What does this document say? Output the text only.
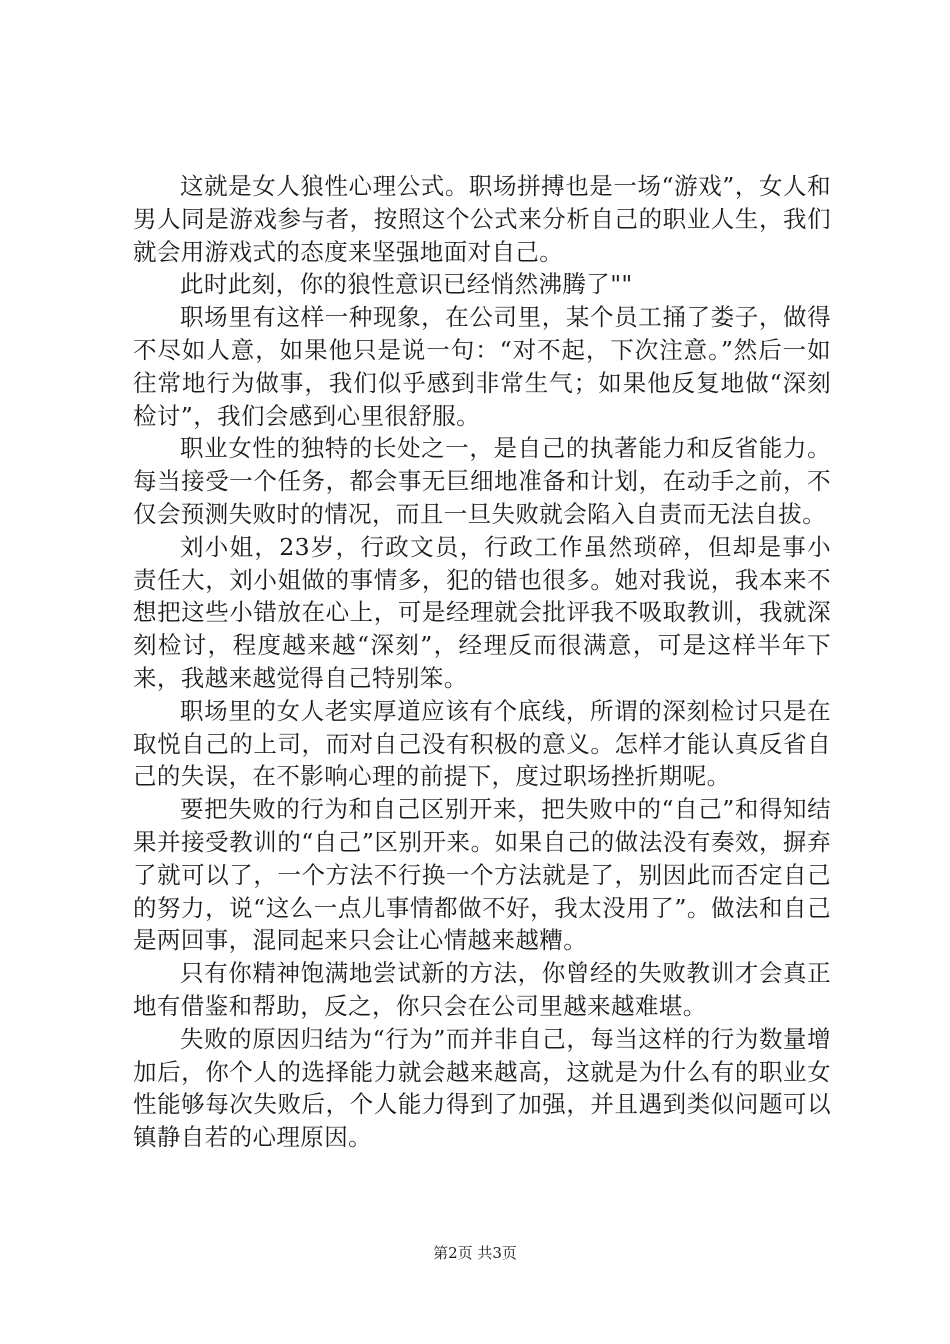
这就是女人狼性心理公式。职场拼搏也是一场“游戏”，女人和男人同是游戏参与者，按照这个公式来分析自己的职业人生，我们就会用游戏式的态度来坚强地面对自己。

此时此刻，你的狼性意识已经悄然沸腾了""

职场里有这样一种现象，在公司里，某个员工捅了娄子，做得不尽如人意，如果他只是说一句：“对不起，下次注意。”然后一如往常地行为做事，我们似乎感到非常生气；如果他反复地做“深刻检讨”，我们会感到心里很舒服。

职业女性的独特的长处之一，是自己的执著能力和反省能力。每当接受一个任务，都会事无巨细地准备和计划，在动手之前，不仅会预测失败时的情况，而且一旦失败就会陷入自责而无法自拔。

刘小姐，23岁，行政文员，行政工作虽然琐碎，但却是事小责任大，刘小姐做的事情多，犯的错也很多。她对我说，我本来不想把这些小错放在心上，可是经理就会批评我不吸取教训，我就深刻检讨，程度越来越“深刻”，经理反而很满意，可是这样半年下来，我越来越觉得自己特别笨。

职场里的女人老实厚道应该有个底线，所谓的深刻检讨只是在取悦自己的上司，而对自己没有积极的意义。怎样才能认真反省自己的失误，在不影响心理的前提下，度过职场挫折期呢。

要把失败的行为和自己区别开来，把失败中的“自己”和得知结果并接受教训的“自己”区别开来。如果自己的做法没有奏效，摒弃了就可以了，一个方法不行换一个方法就是了，别因此而否定自己的努力，说“这么一点儿事情都做不好，我太没用了”。做法和自己是两回事，混同起来只会让心情越来越糟。

只有你精神饱满地尝试新的方法，你曾经的失败教训才会真正地有借鉴和帮助，反之，你只会在公司里越来越难堪。

失败的原因归结为“行为”而并非自己，每当这样的行为数量增加后，你个人的选择能力就会越来越高，这就是为什么有的职业女性能够每次失败后，个人能力得到了加强，并且遇到类似问题可以镇静自若的心理原因。

第2页 共3页
